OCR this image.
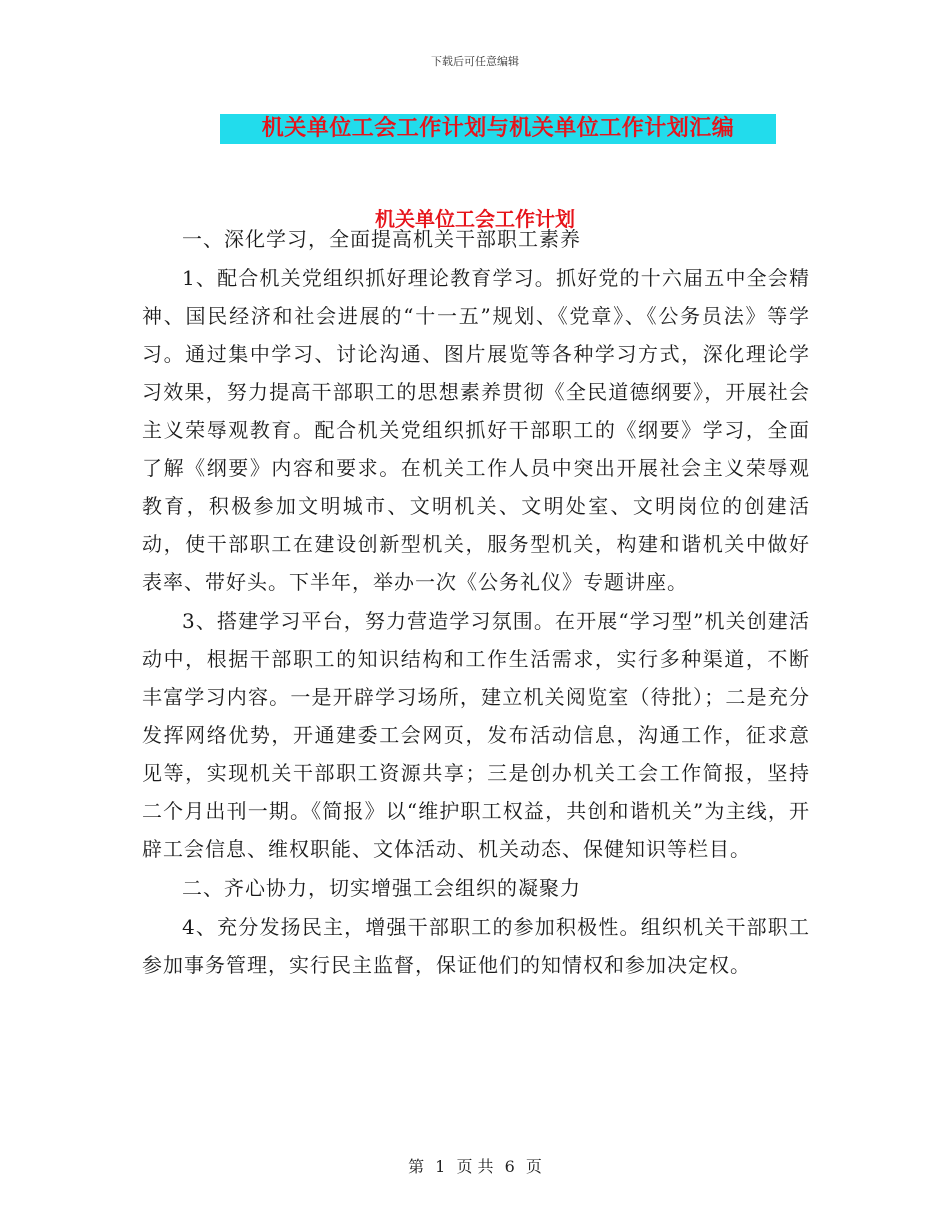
下载后可任意编辑
机关单位工会工作计划与机关单位工作计划汇编
机关单位工会工作计划

一、深化学习，全面提高机关干部职工素养

1、配合机关党组织抓好理论教育学习。抓好党的十六届五中全会精神、国民经济和社会进展的“十一五”规划、《党章》、《公务员法》等学习。通过集中学习、讨论沟通、图片展览等各种学习方式，深化理论学习效果，努力提高干部职工的思想素养贯彻《全民道德纲要》，开展社会主义荣辱观教育。配合机关党组织抓好干部职工的《纲要》学习，全面了解《纲要》内容和要求。在机关工作人员中突出开展社会主义荣辱观教育，积极参加文明城市、文明机关、文明处室、文明岗位的创建活动，使干部职工在建设创新型机关，服务型机关，构建和谐机关中做好表率、带好头。下半年，举办一次《公务礼仪》专题讲座。

3、搭建学习平台，努力营造学习氛围。在开展“学习型”机关创建活动中，根据干部职工的知识结构和工作生活需求，实行多种渠道，不断丰富学习内容。一是开辟学习场所，建立机关阅览室（待批）；二是充分发挥网络优势，开通建委工会网页，发布活动信息，沟通工作，征求意见等，实现机关干部职工资源共享；三是创办机关工会工作简报，坚持二个月出刊一期。《简报》以“维护职工权益，共创和谐机关”为主线，开辟工会信息、维权职能、文体活动、机关动态、保健知识等栏目。

二、齐心协力，切实增强工会组织的凝聚力

4、充分发扬民主，增强干部职工的参加积极性。组织机关干部职工参加事务管理，实行民主监督，保证他们的知情权和参加决定权。

第 1 页 共 6 页
